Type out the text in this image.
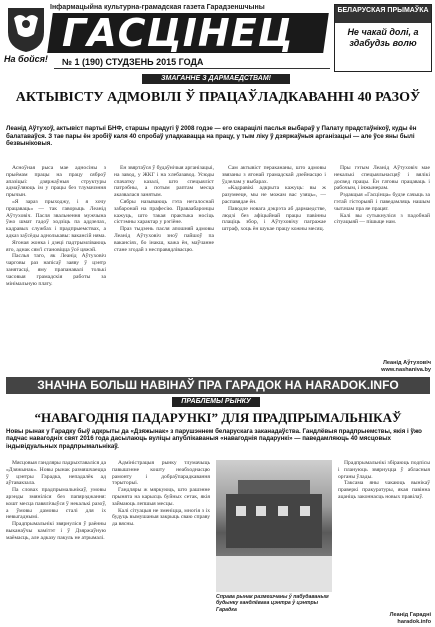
Інфармацыйна культурна-грамадская газета Гарадзеншчыны
ГАСЦІНЕЦ
На бойся! № 1 (190) СТУДЗЕНЬ 2015 ГОДА
ЗМАГАННЕ З ДАРМАЕДСТВАМ!
БЕЛАРУСКАЯ ПРЫМАЎКА
Не чакай долі, а здабудзь волю
АКТЫВІСТУ АДМОВІЛІ Ў ПРАЦАЎЛАДКАВАННІ 40 РАЗОЎ
Леанід Аўтухоў, актывіст партыі БНФ, старшы прадугі ў 2008 годзе — его скарацілі паслья выбараў у Палату прадстаўнікоў, куды ён балатаваўся. З тае пары ён зробіў каля 40 спробаў уладкавацца на працу, у тым ліку ў дзяржаўныя арганізацыі — але ўсе яны былі безвыніковыя.

Асноўная рыса мае адносіны з прыёмам працы на працу сяброў апазіцыі: дзяржаўныя структуры адмаўляюць ім у працы без тлумачэння прычын.

«Я зараз прыходжу, і я хочу працаваць» — так гаворыць Леанід Аўтуховіч. Пасля звальнення мужчына ўжо шмат гадоў ходзіць па аддзелах, кадравых службах і прадпрыемствах, а адказ заўсёды аднолькавы: вакансій няма.

Ягоная жонка і дзеці падтрымліваюць яго, аднак сям'і становіцца ўсё цяжэй.

Паслья таго, як Леанід Аўтуховіч чарговы раз напісаў заяву ў цэнтр занятасці, яму прапанавалі толькі часовыя грамадскія работы за мінімальную плату.

Ён звяртаўся ў будаўнічыя арганізацыі, на завод, у ЖКГ і на хлебазавод. Усюды спачатку казалі, што спецыяліст патрэбны, а потым раптам месца аказвалася занятым.

Сябры называюць гэта негалоснай забаронай на прафесію. Праваабаронцы кажуць, што такая практыка носіць сістэмны характар у рэгіёне.

Праз тыдзень пасля апошняй адмовы Леанід Аўтуховіч зноў пайшоў па вакансіях, бо інакш, кажа ён, маўчанне стане згодай з несправядлівасцю.

Сам актывіст перакананы, што адмовы звязаны з ягонай грамадскай дзейнасцю і ўдзелам у выбарах.

«Кадравікі адкрыта кажуць: вы ж разумееце, мы не можам вас узяць», — распавядае ён.

Паводле новага дэкрэта аб дармаедстве, людзі без афіцыйнай працы павінны плаціць збор, і Аўтуховічу пагражае штраф, хоць ён шукае працу кожны месяц.

Пры гэтым Леанід Аўтуховіч мае некалькі спецыяльнасцяў і вялікі досвед працы. Ён гатовы працаваць і рабочым, і інжынерам.

Рэдакцыя «Гасцінца» будзе сачыць за гэтай гісторыяй і паведамляць нашым чытачам пра яе працяг.

Калі вы сутыкнуліся з падобнай сітуацыяй — пішыце нам.

Леанід Аўтуховіч
www.nashaniva.by
ЗНАЧНА БОЛЬШ НАВІНАЎ ПРА ГАРАДОК НА HARADOK.INFO
ПРАБЛЕМЫ РЫНКУ
“НАВАГОДНІЯ ПАДАРУНКІ” ДЛЯ ПРАДПРЫМАЛЬНІКАЎ
Новы рынак у Гарадку быў адкрыты да «Дзяжынак» з парушэннем беларускага заканадаўства. Гандлёвыя прадпрыемствы, якія і ўжо падчас навагодніх свят 2016 года дасылаюць вуліцы апублікаваныя «навагоднія падарункі» — паведамляюць 40 мясцовых індывідуальных прадпрымальнікаў.

Мясцовыя гандляры падрыхтаваліся да «Дзяжынак». Новы рынак размяшчаецца ў цэнтры Гарадка, непадалёк ад аўтавакзала.

Па словах прадпрымальнікаў, умовы арэнды змяніліся без папярэджання: кошт месца павялічыўся ў некалькі разоў, а ўмовы дамовы сталі для іх невыгаднымі.

Прадпрымальнікі звярнуліся ў раённы выканаўчы камітэт і ў Дзяржаўную маёмасць, але адказу пакуль не атрымалі.

Адміністрацыя рынку тлумачыць павышэнне кошту неабходнасцю рамонту і добраўпарадкавання тэрыторыі.

Гандляры ж мяркуюць, што рашэнне прынята на карысць буйных сетак, якія займаюць лепшыя месцы.

Калі сітуацыя не зменіцца, многія з іх будуць вымушаныя закрыць сваю справу да вясны.

Справа рынак размешчаны ў пабудаваным будынку гандлёвага цэнтра ў цэнтры Гарадка

Прадпрымальнікі збіраюць подпісы і плануюць звярнуцца ў абласныя органы ўлады.

Таксама яны чакаюць вынікаў праверкі пракуратуры, якая павінна ацаніць законнасць новых правілаў.

Леанід Гарадні
haradok.info
